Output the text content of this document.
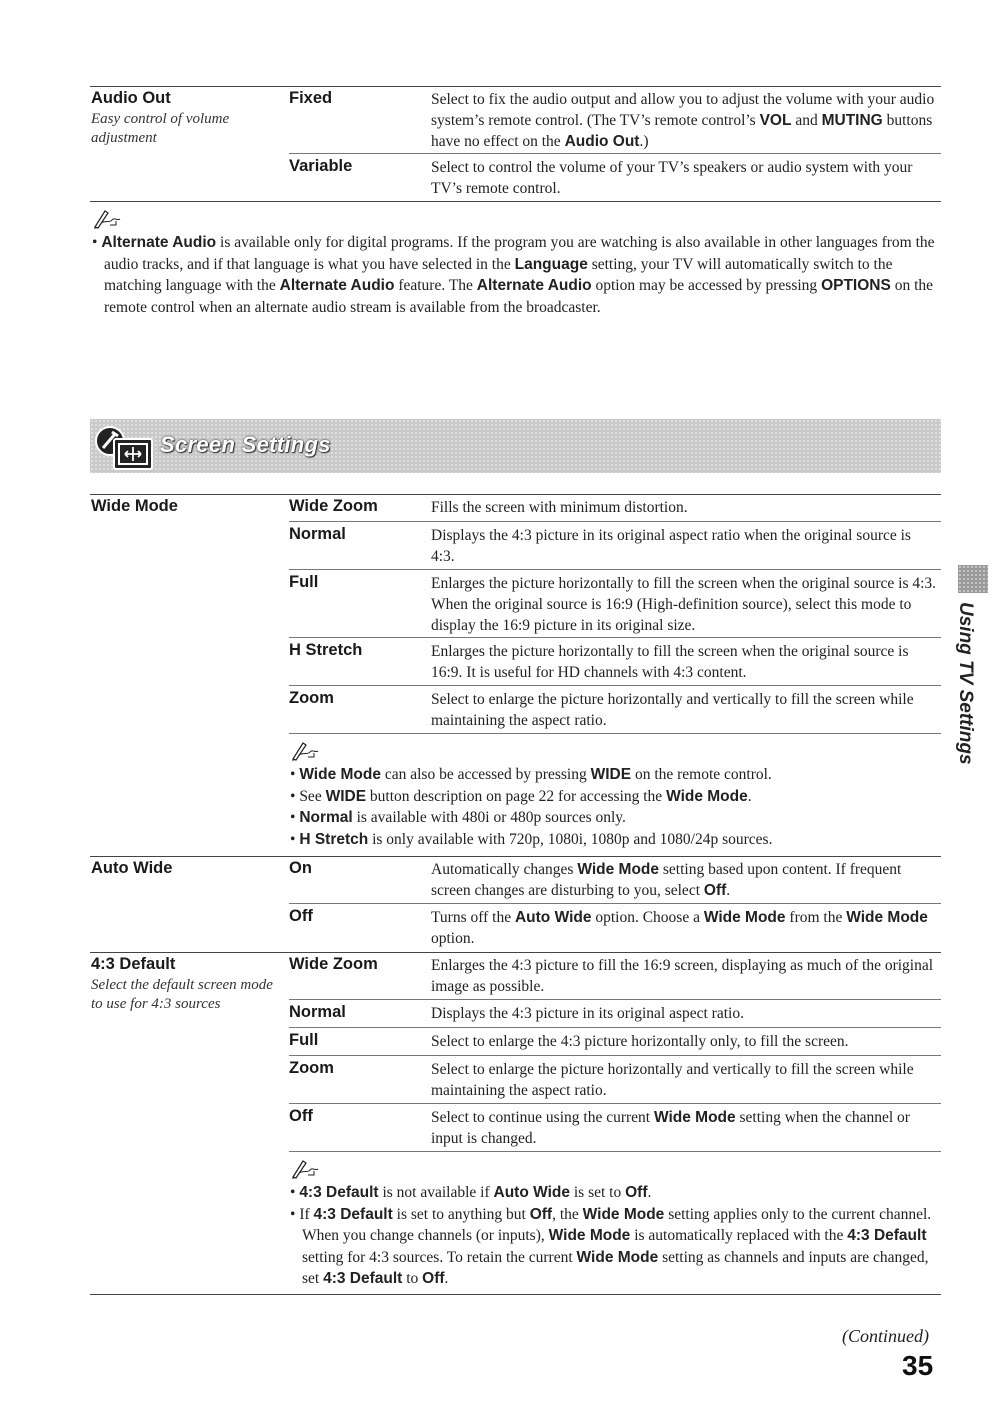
Audio Out
Easy control of volume adjustment
Fixed	Select to fix the audio output and allow you to adjust the volume with your audio system’s remote control. (The TV’s remote control’s VOL and MUTING buttons have no effect on the Audio Out.)
Variable	Select to control the volume of your TV’s speakers or audio system with your TV’s remote control.

• Alternate Audio is available only for digital programs. If the program you are watching is also available in other languages from the audio tracks, and if that language is what you have selected in the Language setting, your TV will automatically switch to the matching language with the Alternate Audio feature. The Alternate Audio option may be accessed by pressing OPTIONS on the remote control when an alternate audio stream is available from the broadcaster.

Screen Settings
Wide Mode	Wide Zoom	Fills the screen with minimum distortion.
Normal	Displays the 4:3 picture in its original aspect ratio when the original source is 4:3.
Full	Enlarges the picture horizontally to fill the screen when the original source is 4:3. When the original source is 16:9 (High-definition source), select this mode to display the 16:9 picture in its original size.
H Stretch	Enlarges the picture horizontally to fill the screen when the original source is 16:9. It is useful for HD channels with 4:3 content.
Zoom	Select to enlarge the picture horizontally and vertically to fill the screen while maintaining the aspect ratio.

• Wide Mode can also be accessed by pressing WIDE on the remote control.

• See WIDE button description on page 22 for accessing the Wide Mode.

• Normal is available with 480i or 480p sources only.

• H Stretch is only available with 720p, 1080i, 1080p and 1080/24p sources.

Auto Wide	On	Automatically changes Wide Mode setting based upon content. If frequent screen changes are disturbing to you, select Off.
Off	Turns off the Auto Wide option. Choose a Wide Mode from the Wide Mode option.
4:3 Default
Select the default screen mode to use for 4:3 sources
Wide Zoom	Enlarges the 4:3 picture to fill the 16:9 screen, displaying as much of the original image as possible.
Normal	Displays the 4:3 picture in its original aspect ratio.
Full	Select to enlarge the 4:3 picture horizontally only, to fill the screen.
Zoom	Select to enlarge the picture horizontally and vertically to fill the screen while maintaining the aspect ratio.
Off	Select to continue using the current Wide Mode setting when the channel or input is changed.

• 4:3 Default is not available if Auto Wide is set to Off.

• If 4:3 Default is set to anything but Off, the Wide Mode setting applies only to the current channel. When you change channels (or inputs), Wide Mode is automatically replaced with the 4:3 Default setting for 4:3 sources. To retain the current Wide Mode setting as channels and inputs are changed, set 4:3 Default to Off.

Using TV Settings
(Continued)
35
